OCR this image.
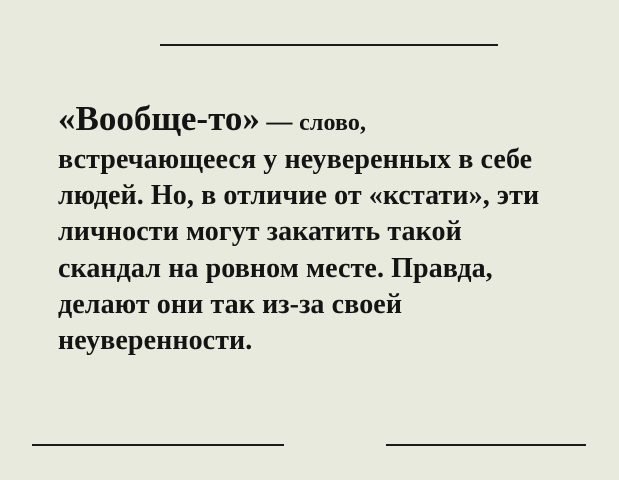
«Вообще-то» — слово, встречающееся у неуверенных в себе людей. Но, в отличие от «кстати», эти личности могут закатить такой скандал на ровном месте. Правда, делают они так из-за своей неуверенности.
